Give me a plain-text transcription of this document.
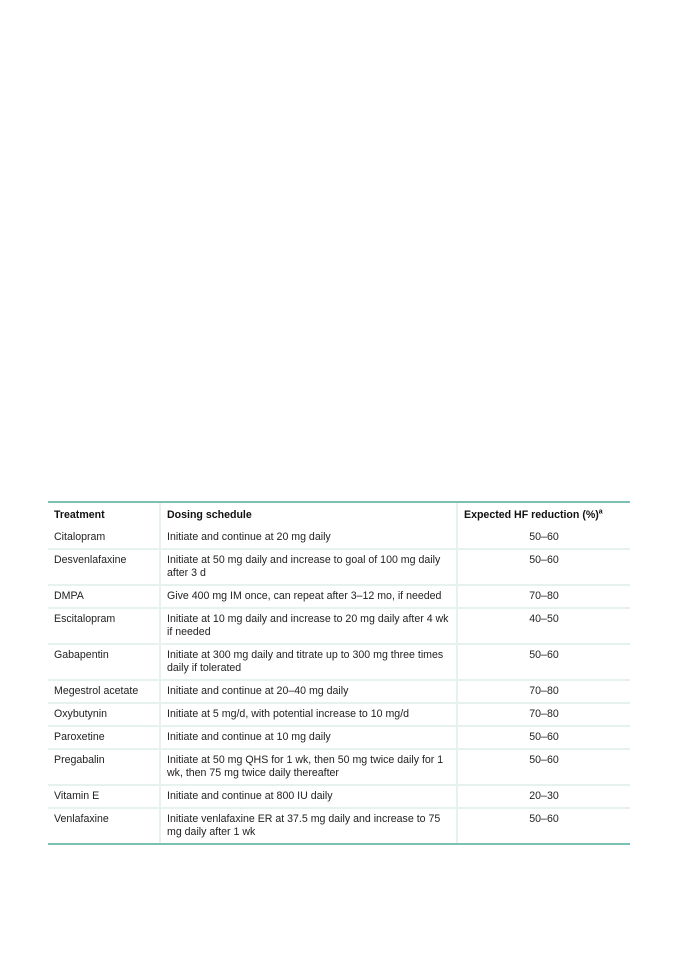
Treatment	Dosing schedule	Expected HF reduction (%)$^a$
Citalopram	Initiate and continue at 20 mg daily	50–60
Desvenlafaxine	Initiate at 50 mg daily and increase to goal of 100 mg daily after 3 d	50–60
DMPA	Give 400 mg IM once, can repeat after 3–12 mo, if needed	70–80
Escitalopram	Initiate at 10 mg daily and increase to 20 mg daily after 4 wk if needed	40–50
Gabapentin	Initiate at 300 mg daily and titrate up to 300 mg three times daily if tolerated	50–60
Megestrol acetate	Initiate and continue at 20–40 mg daily	70–80
Oxybutynin	Initiate at 5 mg/d, with potential increase to 10 mg/d	70–80
Paroxetine	Initiate and continue at 10 mg daily	50–60
Pregabalin	Initiate at 50 mg QHS for 1 wk, then 50 mg twice daily for 1 wk, then 75 mg twice daily thereafter	50–60
Vitamin E	Initiate and continue at 800 IU daily	20–30
Venlafaxine	Initiate venlafaxine ER at 37.5 mg daily and increase to 75 mg daily after 1 wk	50–60
